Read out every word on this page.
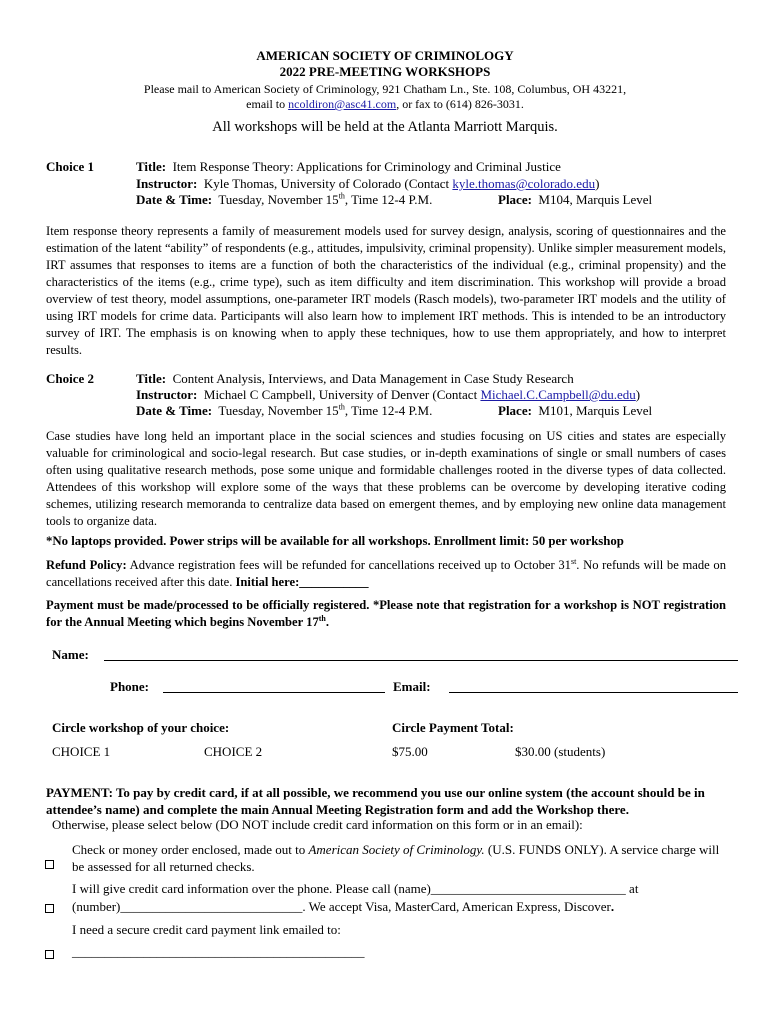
AMERICAN SOCIETY OF CRIMINOLOGY
2022 PRE-MEETING WORKSHOPS
Please mail to American Society of Criminology, 921 Chatham Ln., Ste. 108, Columbus, OH 43221,
email to ncoldiron@asc41.com, or fax to (614) 826-3031.
All workshops will be held at the Atlanta Marriott Marquis.
Choice 1	Title: Item Response Theory: Applications for Criminology and Criminal Justice
Instructor: Kyle Thomas, University of Colorado (Contact kyle.thomas@colorado.edu)
Date & Time: Tuesday, November 15th, Time 12-4 P.M.	Place: M104, Marquis Level
Item response theory represents a family of measurement models used for survey design, analysis, scoring of questionnaires and the estimation of the latent “ability” of respondents (e.g., attitudes, impulsivity, criminal propensity). Unlike simpler measurement models, IRT assumes that responses to items are a function of both the characteristics of the individual (e.g., criminal propensity) and the characteristics of the items (e.g., crime type), such as item difficulty and item discrimination. This workshop will provide a broad overview of test theory, model assumptions, one-parameter IRT models (Rasch models), two-parameter IRT models and the utility of using IRT models for crime data. Participants will also learn how to implement IRT methods. This is intended to be an introductory survey of IRT. The emphasis is on knowing when to apply these techniques, how to use them appropriately, and how to interpret results.
Choice 2	Title: Content Analysis, Interviews, and Data Management in Case Study Research
Instructor: Michael C Campbell, University of Denver (Contact Michael.C.Campbell@du.edu)
Date & Time: Tuesday, November 15th, Time 12-4 P.M.	Place: M101, Marquis Level
Case studies have long held an important place in the social sciences and studies focusing on US cities and states are especially valuable for criminological and socio-legal research. But case studies, or in-depth examinations of single or small numbers of cases often using qualitative research methods, pose some unique and formidable challenges rooted in the diverse types of data collected. Attendees of this workshop will explore some of the ways that these problems can be overcome by developing iterative coding schemes, utilizing research memoranda to centralize data based on emergent themes, and by employing new online data management tools to organize data.
*No laptops provided. Power strips will be available for all workshops. Enrollment limit: 50 per workshop
Refund Policy: Advance registration fees will be refunded for cancellations received up to October 31st. No refunds will be made on cancellations received after this date. Initial here:___________
Payment must be made/processed to be officially registered. *Please note that registration for a workshop is NOT registration for the Annual Meeting which begins November 17th.
Name:
Phone:	Email:
Circle workshop of your choice:	Circle Payment Total:
CHOICE 1	CHOICE 2	$75.00	$30.00 (students)
PAYMENT: To pay by credit card, if at all possible, we recommend you use our online system (the account should be in attendee’s name) and complete the main Annual Meeting Registration form and add the Workshop there.
Otherwise, please select below (DO NOT include credit card information on this form or in an email):
Check or money order enclosed, made out to American Society of Criminology. (U.S. FUNDS ONLY). A service charge will be assessed for all returned checks.
I will give credit card information over the phone. Please call (name)______________________________ at
(number)____________________________. We accept Visa, MasterCard, American Express, Discover.
I need a secure credit card payment link emailed to:
_____________________________________________
